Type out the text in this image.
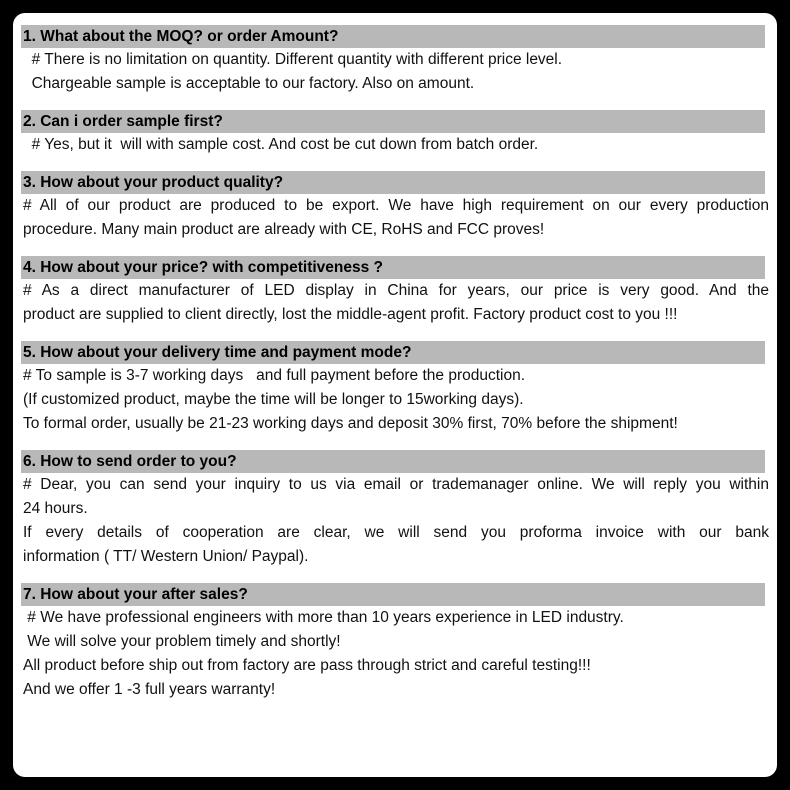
1. What about the MOQ? or order Amount?
# There is no limitation on quantity. Different quantity with different price level.
Chargeable sample is acceptable to our factory. Also on amount.
2. Can i order sample first?
# Yes, but it  will with sample cost. And cost be cut down from batch order.
3. How about your product quality?
# All of our product are produced to be export. We have high requirement on our every production
procedure. Many main product are already with CE, RoHS and FCC proves!
4. How about your price? with competitiveness ?
# As a direct manufacturer of LED display in China for years, our price is very good. And the
product are supplied to client directly, lost the middle-agent profit. Factory product cost to you !!!
5. How about your delivery time and payment mode?
# To sample is 3-7 working days   and full payment before the production.
(If customized product, maybe the time will be longer to 15working days).
To formal order, usually be 21-23 working days and deposit 30% first, 70% before the shipment!
6. How to send order to you?
# Dear, you can send your inquiry to us via email or trademanager online. We will reply you within
24 hours.
If every details of cooperation are clear, we will send you proforma invoice with our bank
information ( TT/ Western Union/ Paypal).
7. How about your after sales?
# We have professional engineers with more than 10 years experience in LED industry.
We will solve your problem timely and shortly!
All product before ship out from factory are pass through strict and careful testing!!!
And we offer 1 -3 full years warranty!
